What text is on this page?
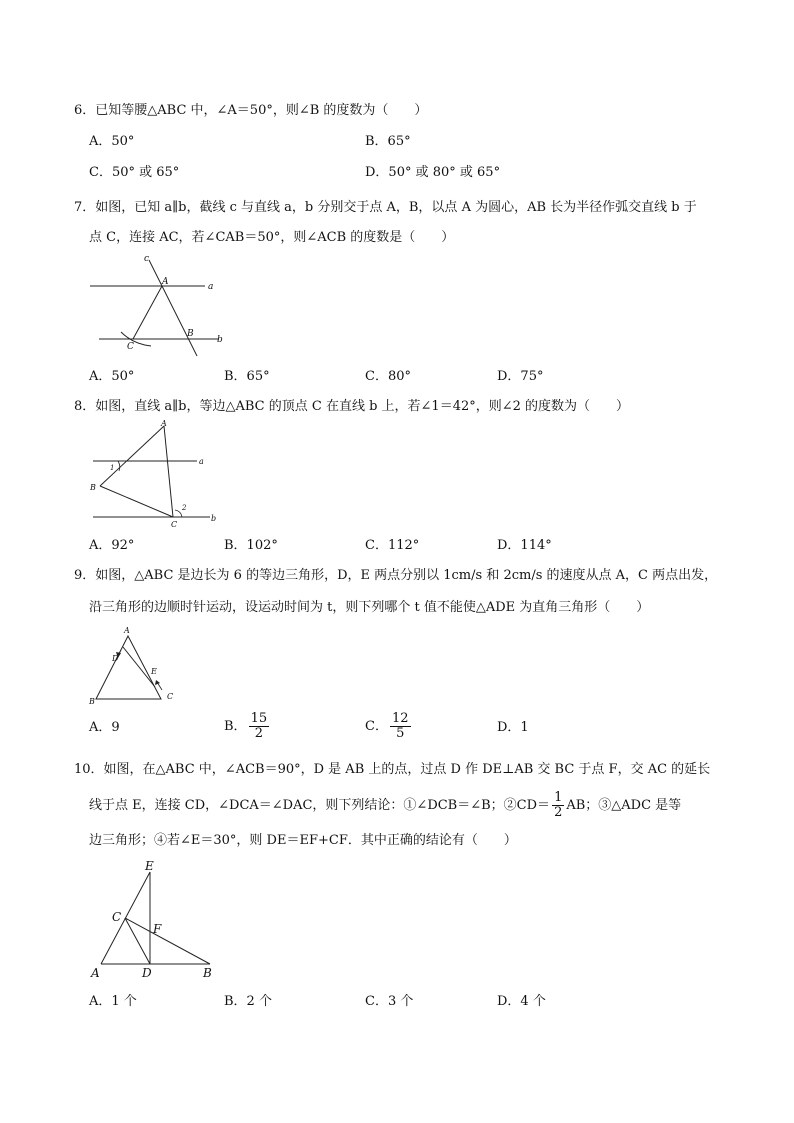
6．已知等腰△ABC 中，∠A＝50°，则∠B 的度数为（　　）
A．50°	B．65°
C．50° 或 65°	D．50° 或 80° 或 65°
7．如图，已知 a∥b，截线 c 与直线 a，b 分别交于点 A，B，以点 A 为圆心，AB 长为半径作弧交直线 b 于
点 C，连接 AC，若∠CAB＝50°，则∠ACB 的度数是（　　）
c
A	a
B
b
C
A．50°	B．65°	C．80°	D．75°
8．如图，直线 a∥b，等边△ABC 的顶点 C 在直线 b 上，若∠1＝42°，则∠2 的度数为（　　）
A
1
a
B
2
C
b
A．92°	B．102°	C．112°	D．114°
9．如图，△ABC 是边长为 6 的等边三角形，D，E 两点分别以 1cm/s 和 2cm/s 的速度从点 A，C 两点出发，
沿三角形的边顺时针运动，设运动时间为 t，则下列哪个 t 值不能使△ADE 为直角三角形（　　）
A
D
E
B
C
A．9	B． $\frac{15}{2}$	C． $\frac{12}{5}$	D．1
10．如图，在△ABC 中，∠ACB＝90°，D 是 AB 上的点，过点 D 作 DE⊥AB 交 BC 于点 F，交 AC 的延长
线于点 E，连接 CD，∠DCA＝∠DAC，则下列结论：①∠DCB＝∠B；②CD＝ $\frac{1}{2}$ AB；③△ADC 是等
边三角形；④若∠E＝30°，则 DE＝EF+CF．其中正确的结论有（　　）
E
C
F
A	D	B
A．1 个	B．2 个	C．3 个	D．4 个
